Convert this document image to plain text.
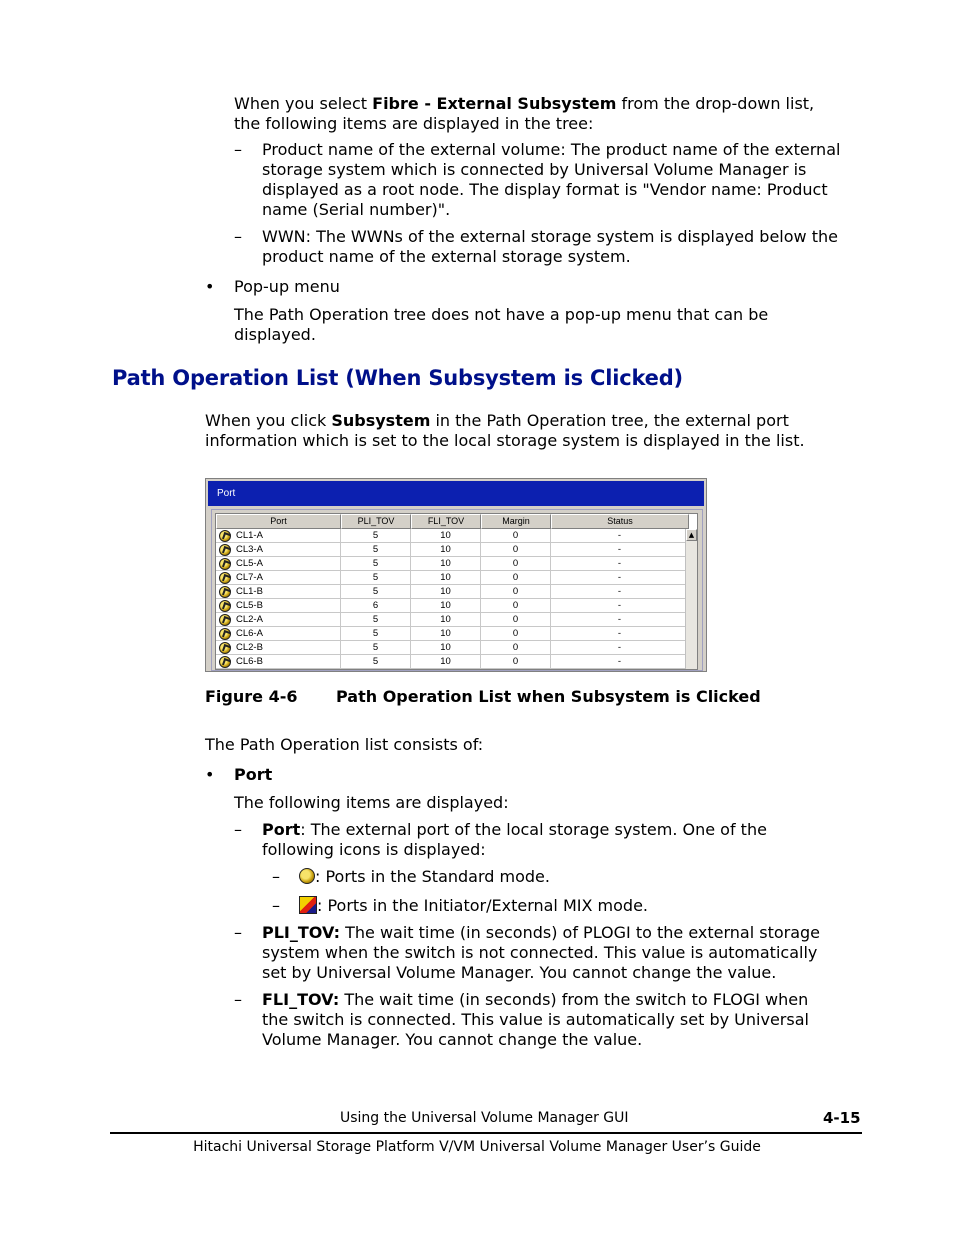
When you select Fibre - External Subsystem from the drop-down list,
the following items are displayed in the tree:
– Product name of the external volume: The product name of the external
storage system which is connected by Universal Volume Manager is
displayed as a root node. The display format is "Vendor name: Product
name (Serial number)".
– WWN: The WWNs of the external storage system is displayed below the
product name of the external storage system.
• Pop-up menu
The Path Operation tree does not have a pop-up menu that can be
displayed.
Path Operation List (When Subsystem is Clicked)
When you click Subsystem in the Path Operation tree, the external port
information which is set to the local storage system is displayed in the list.
Port
Port	PLI_TOV	FLI_TOV	Margin	Status
CL1-A	5	10	0	-
CL3-A	5	10	0	-
CL5-A	5	10	0	-
CL7-A	5	10	0	-
CL1-B	5	10	0	-
CL5-B	6	10	0	-
CL2-A	5	10	0	-
CL6-A	5	10	0	-
CL2-B	5	10	0	-
CL6-B	5	10	0	-
▲
Figure 4-6 Path Operation List when Subsystem is Clicked
The Path Operation list consists of:
• Port
The following items are displayed:
– Port: The external port of the local storage system. One of the
following icons is displayed:
–	: Ports in the Standard mode.
–	: Ports in the Initiator/External MIX mode.
– PLI_TOV: The wait time (in seconds) of PLOGI to the external storage
system when the switch is not connected. This value is automatically
set by Universal Volume Manager. You cannot change the value.
– FLI_TOV: The wait time (in seconds) from the switch to FLOGI when
the switch is connected. This value is automatically set by Universal
Volume Manager. You cannot change the value.
Using the Universal Volume Manager GUI	4-15
Hitachi Universal Storage Platform V/VM Universal Volume Manager User’s Guide
